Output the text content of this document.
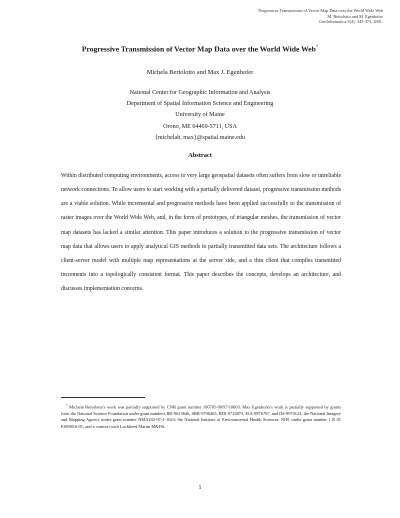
Progressive Transmission of Vector Map Data over the World Wide Web
M. Bertolotto and M. Egenhofer
GeoInformatica 5(4): 345-373, 2001.
Progressive Transmission of Vector Map Data over the World Wide Web*
Michela Bertolotto and Max J. Egenhofer
National Center for Geographic Information and Analysis
Department of Spatial Information Science and Engineering
University of Maine
Orono, ME 04469-5711, USA
{michelab, max}@spatial.maine.edu
Abstract
Within distributed computing environments, access to very large geospatial datasets often suffers from slow or unreliable network connections. To allow users to start working with a partially delivered dataset, progressive transmission methods are a viable solution. While incremental and progressive methods have been applied successfully to the transmission of raster images over the World Wide Web, and, in the form of prototypes, of triangular meshes, the transmission of vector map datasets has lacked a similar attention. This paper introduces a solution to the progressive transmission of vector map data that allows users to apply analytical GIS methods to partially transmitted data sets. The architecture follows a client-server model with multiple map representations at the server side, and a thin client that compiles transmitted increments into a topologically consistent format. This paper describes the concepts, develops an architecture, and discusses implementation concerns.
* Michela Bertolotto's work was partially supported by CNR grant number 106701-00/97/10003. Max Egenhofer's work is partially supported by grants from the National Science Foundation under grant numbers IRI-9613646, SBR-9700465, BDI-9723873, EIA-9876707, and IIS-9970123; the National Imagery and Mapping Agency under grant number NMA202-97-1-1023; the National Institute of Environmental Health Sciences, NIH, under grant number 1 R 01 ES09816-01; and a contract with Lockheed Martin M&DS.
1
